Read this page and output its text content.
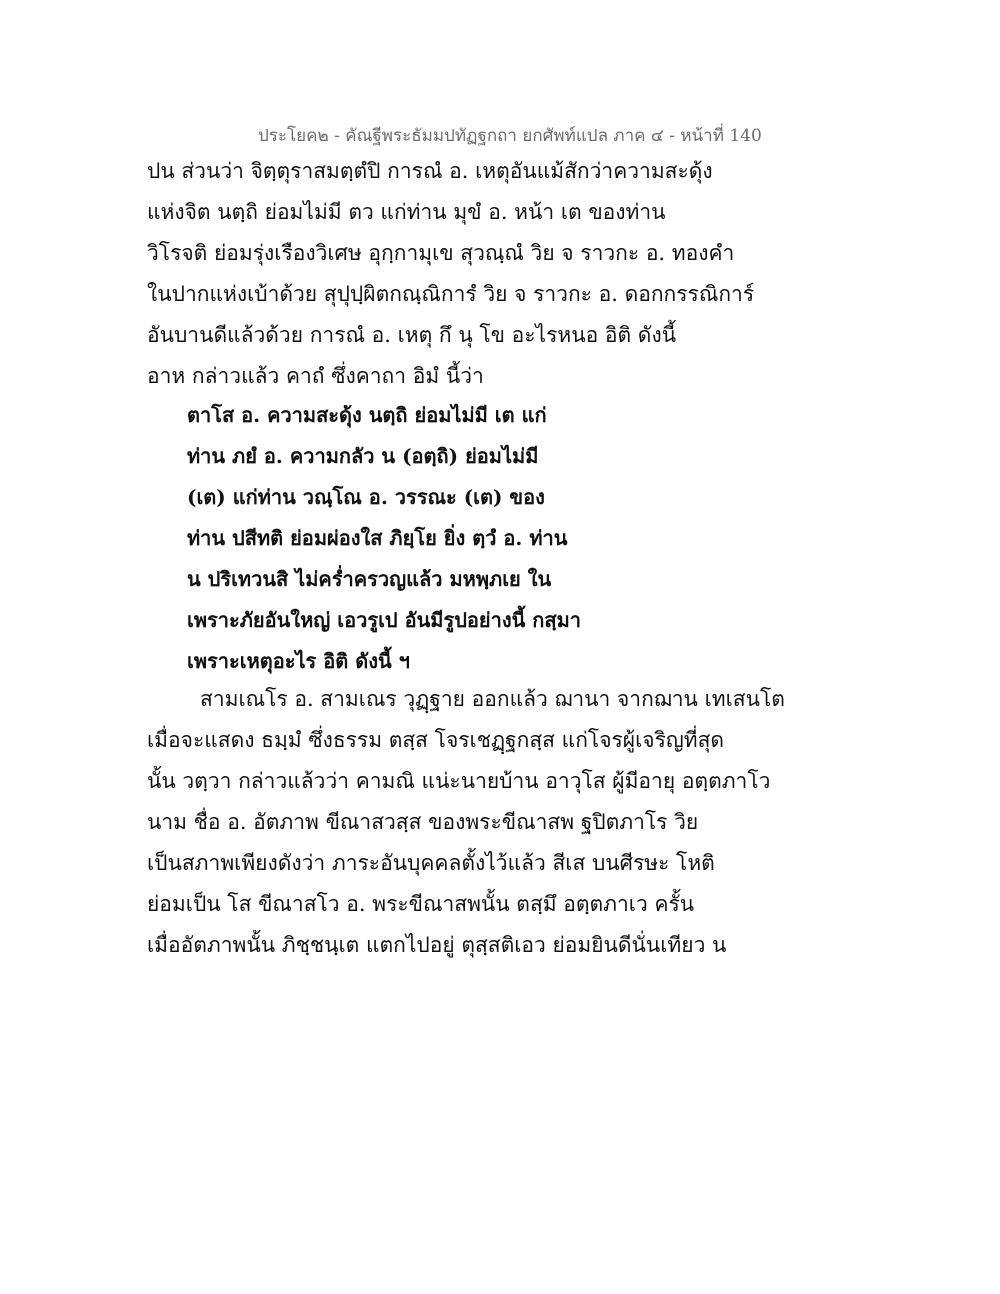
ประโยค๒ - คัณฐีพระธัมมปทัฏฐกถา ยกศัพท์แปล ภาค ๔ - หน้าที่ 140
ปน ส่วนว่า จิตฺตุราสมตฺตํปิ การณํ อ. เหตุอันแม้สักว่าความสะดุ้ง
แห่งจิต นตฺถิ ย่อมไม่มี ตว แก่ท่าน มุขํ อ. หน้า เต ของท่าน
วิโรจติ ย่อมรุ่งเรืองวิเศษ อุกฺกามุเข สุวณฺณํ วิย จ ราวกะ อ. ทองคำ
ในปากแห่งเบ้าด้วย สุปุปฺผิตกณฺณิการํ วิย จ ราวกะ อ. ดอกกรรณิการ์
อันบานดีแล้วด้วย การณํ อ. เหตุ กึ นุ โข อะไรหนอ อิติ ดังนี้
อาห กล่าวแล้ว คาถํ ซึ่งคาถา อิมํ นี้ว่า
ตาโส อ. ความสะดุ้ง นตฺถิ ย่อมไม่มี เต แก่
ท่าน ภยํ อ. ความกลัว น (อตฺถิ) ย่อมไม่มี
(เต) แก่ท่าน วณฺโณ อ. วรรณะ (เต) ของ
ท่าน ปสีทติ ย่อมผ่องใส ภิยฺโย ยิ่ง ตฺวํ อ. ท่าน
น ปริเทวนสิ ไม่คร่ำครวญแล้ว มหพฺภเย ใน
เพราะภัยอันใหญ่ เอวรูเป อันมีรูปอย่างนี้ กสฺมา
เพราะเหตุอะไร อิติ ดังนี้ ฯ
สามเณโร อ. สามเณร วุฏฺฐาย ออกแล้ว ฌานา จากฌาน เทเสนโต
เมื่อจะแสดง ธมฺมํ ซึ่งธรรม ตสฺส โจรเชฏฺฐกสฺส แก่โจรผู้เจริญที่สุด
นั้น วตฺวา กล่าวแล้วว่า คามณิ แน่ะนายบ้าน อาวุโส ผู้มีอายุ อตฺตภาโว
นาม ชื่อ อ. อัตภาพ ขีณาสวสฺส ของพระขีณาสพ ฐปิตภาโร วิย
เป็นสภาพเพียงดังว่า ภาระอันบุคคลตั้งไว้แล้ว สีเส บนศีรษะ โหติ
ย่อมเป็น โส ขีณาสโว อ. พระขีณาสพนั้น ตสฺมึ อตฺตภาเว ครั้น
เมื่ออัตภาพนั้น ภิชฺชนฺเต แตกไปอยู่ ตุสฺสติเอว ย่อมยินดีนั่นเทียว น
